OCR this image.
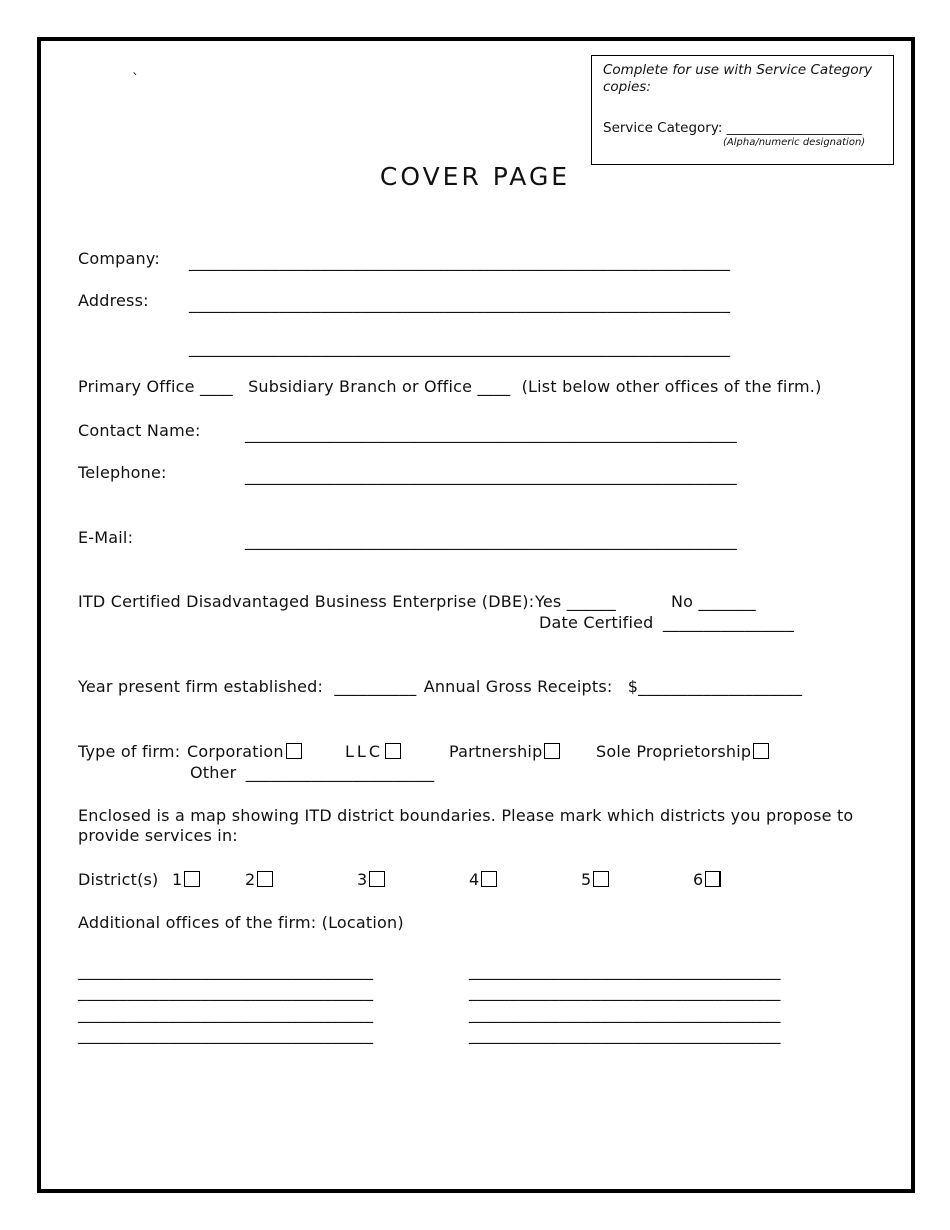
`
Complete for use with Service Category copies:
Service Category: ____________________
(Alpha/numeric designation)
COVER PAGE
Company: __________________________________________________________________
Address:	__________________________________________________________________
__________________________________________________________________
Primary Office ____ Subsidiary Branch or Office ____ (List below other offices of the firm.)
Contact Name:	____________________________________________________________
Telephone:	____________________________________________________________
E-Mail:	____________________________________________________________
ITD Certified Disadvantaged Business Enterprise (DBE): Yes ______	No _______
Date Certified ________________
Year present firm established: __________ Annual Gross Receipts: $____________________
Type of firm: Corporation	LLC	Partnership	Sole Proprietorship
Other _______________________
Enclosed is a map showing ITD district boundaries. Please mark which districts you propose to provide services in:
District(s) 1	2	3	4	5	6
Additional offices of the firm: (Location)
____________________________________
____________________________________
____________________________________
____________________________________
______________________________________
______________________________________
______________________________________
______________________________________
